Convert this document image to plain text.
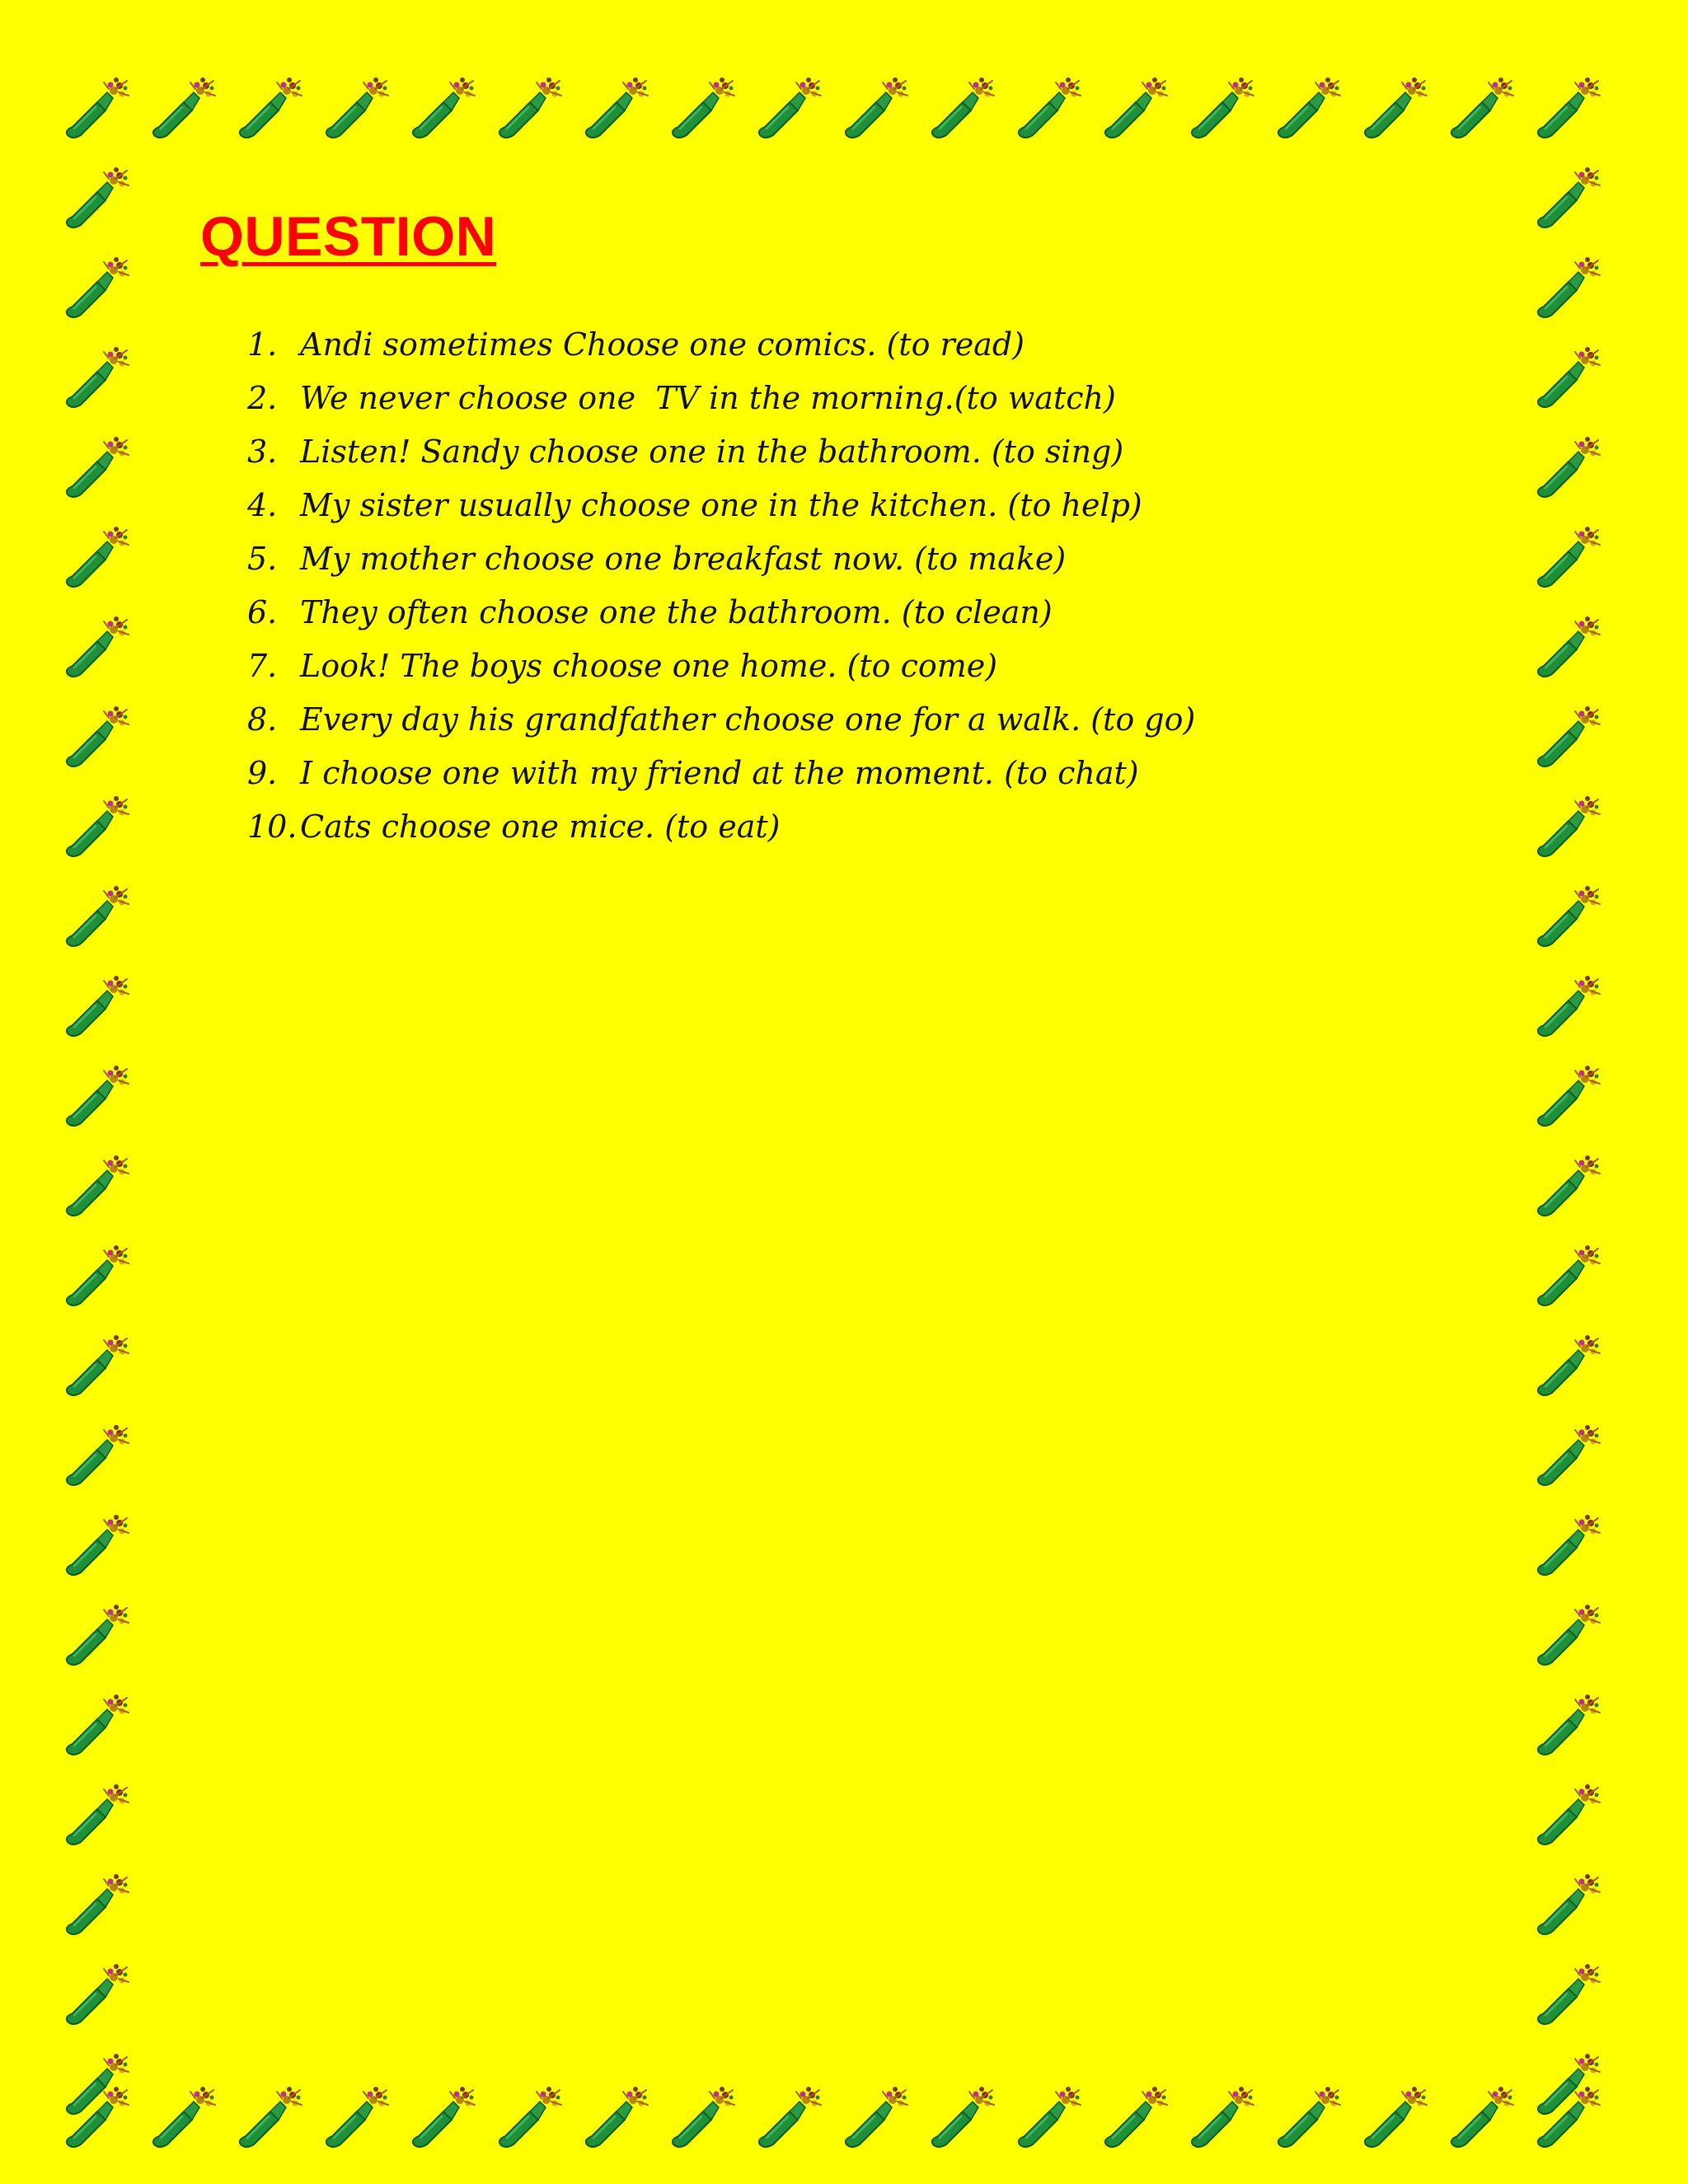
QUESTION
1. Andi sometimes Choose one comics. (to read)
2. We never choose one  TV in the morning.(to watch)
3. Listen! Sandy choose one in the bathroom. (to sing)
4. My sister usually choose one in the kitchen. (to help)
5. My mother choose one breakfast now. (to make)
6. They often choose one the bathroom. (to clean)
7. Look! The boys choose one home. (to come)
8. Every day his grandfather choose one for a walk. (to go)
9. I choose one with my friend at the moment. (to chat)
10. Cats choose one mice. (to eat)
